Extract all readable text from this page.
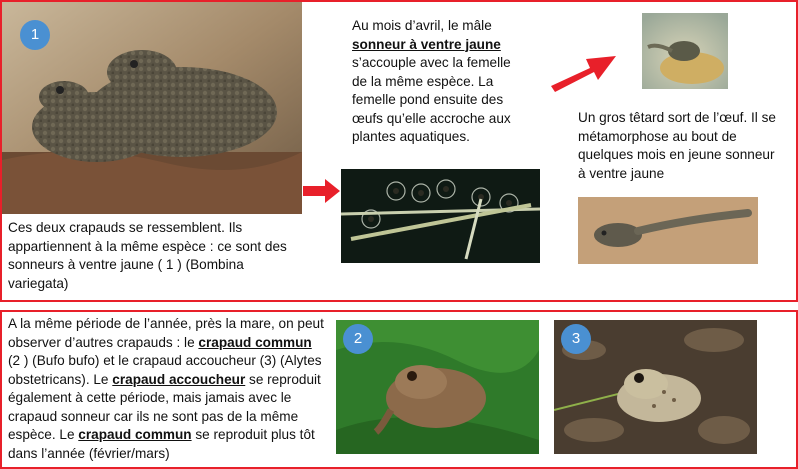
1
Ces deux crapauds se ressemblent. Ils appartiennent à la même espèce : ce sont des sonneurs à ventre jaune ( 1 ) (Bombina variegata)
Au mois d’avril, le mâle sonneur à ventre jaune s’accouple avec la femelle de la même espèce. La femelle pond ensuite des œufs qu’elle accroche aux plantes aquatiques.
Un gros têtard sort de l’œuf. Il se métamorphose au bout de quelques mois en jeune sonneur à ventre jaune
A la même période de l’année, près la mare, on peut observer d’autres crapauds : le crapaud commun (2 ) (Bufo bufo) et le crapaud accoucheur (3) (Alytes obstetricans). Le crapaud accoucheur se reproduit également à cette période, mais jamais avec le crapaud sonneur car ils ne sont pas de la même espèce. Le crapaud commun se reproduit plus tôt dans l’année (février/mars)
2	3
